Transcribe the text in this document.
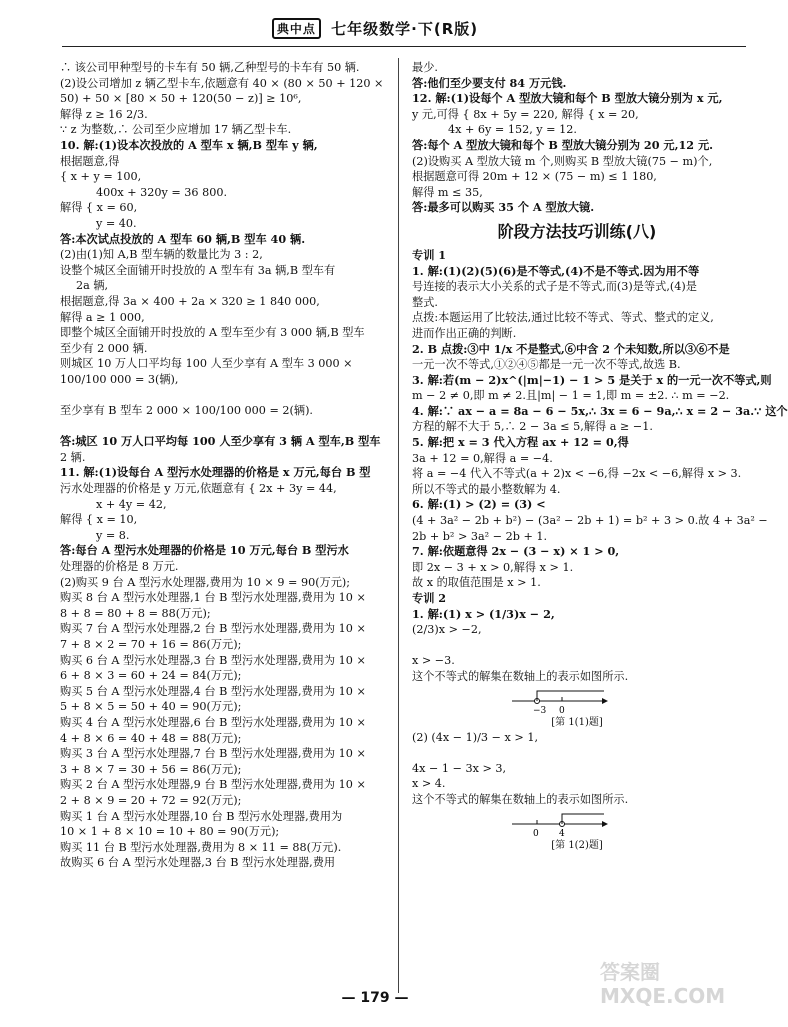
典中点 七年级数学·下(R版)
∴ 该公司甲种型号的卡车有 50 辆,乙种型号的卡车有 50 辆.
(2)设公司增加 z 辆乙型卡车,依题意有 40 × (80 × 50 + 120 ×
50) + 50 × [80 × 50 + 120(50 − z)] ≥ 10⁶,
解得 z ≥ 16 2/3.
∵ z 为整数,∴ 公司至少应增加 17 辆乙型卡车.
10. 解:(1)设本次投放的 A 型车 x 辆,B 型车 y 辆,
根据题意,得
{ x + y = 100,
400x + 320y = 36 800.
解得 { x = 60,
y = 40.
答:本次试点投放的 A 型车 60 辆,B 型车 40 辆.
(2)由(1)知 A,B 型车辆的数量比为 3 : 2,
设整个城区全面铺开时投放的 A 型车有 3a 辆,B 型车有
2a 辆,
根据题意,得 3a × 400 + 2a × 320 ≥ 1 840 000,
解得 a ≥ 1 000,
即整个城区全面铺开时投放的 A 型车至少有 3 000 辆,B 型车
至少有 2 000 辆.
则城区 10 万人口平均每 100 人至少享有 A 型车 3 000 ×
100/100 000 = 3(辆),
至少享有 B 型车 2 000 × 100/100 000 = 2(辆).
答:城区 10 万人口平均每 100 人至少享有 3 辆 A 型车,B 型车
2 辆.
11. 解:(1)设每台 A 型污水处理器的价格是 x 万元,每台 B 型
污水处理器的价格是 y 万元,依题意有 { 2x + 3y = 44,
x + 4y = 42,
解得 { x = 10,
y = 8.
答:每台 A 型污水处理器的价格是 10 万元,每台 B 型污水
处理器的价格是 8 万元.
(2)购买 9 台 A 型污水处理器,费用为 10 × 9 = 90(万元);
购买 8 台 A 型污水处理器,1 台 B 型污水处理器,费用为 10 ×
8 + 8 = 80 + 8 = 88(万元);
购买 7 台 A 型污水处理器,2 台 B 型污水处理器,费用为 10 ×
7 + 8 × 2 = 70 + 16 = 86(万元);
购买 6 台 A 型污水处理器,3 台 B 型污水处理器,费用为 10 ×
6 + 8 × 3 = 60 + 24 = 84(万元);
购买 5 台 A 型污水处理器,4 台 B 型污水处理器,费用为 10 ×
5 + 8 × 5 = 50 + 40 = 90(万元);
购买 4 台 A 型污水处理器,6 台 B 型污水处理器,费用为 10 ×
4 + 8 × 6 = 40 + 48 = 88(万元);
购买 3 台 A 型污水处理器,7 台 B 型污水处理器,费用为 10 ×
3 + 8 × 7 = 30 + 56 = 86(万元);
购买 2 台 A 型污水处理器,9 台 B 型污水处理器,费用为 10 ×
2 + 8 × 9 = 20 + 72 = 92(万元);
购买 1 台 A 型污水处理器,10 台 B 型污水处理器,费用为
10 × 1 + 8 × 10 = 10 + 80 = 90(万元);
购买 11 台 B 型污水处理器,费用为 8 × 11 = 88(万元).
故购买 6 台 A 型污水处理器,3 台 B 型污水处理器,费用
最少.
答:他们至少要支付 84 万元钱.
12. 解:(1)设每个 A 型放大镜和每个 B 型放大镜分别为 x 元,
y 元,可得 { 8x + 5y = 220, 解得 { x = 20,
4x + 6y = 152, y = 12.
答:每个 A 型放大镜和每个 B 型放大镜分别为 20 元,12 元.
(2)设购买 A 型放大镜 m 个,则购买 B 型放大镜(75 − m)个,
根据题意可得 20m + 12 × (75 − m) ≤ 1 180,
解得 m ≤ 35,
答:最多可以购买 35 个 A 型放大镜.
阶段方法技巧训练(八)
专训 1
1. 解:(1)(2)(5)(6)是不等式,(4)不是不等式.因为用不等
号连接的表示大小关系的式子是不等式,而(3)是等式,(4)是
整式.
点拨:本题运用了比较法,通过比较不等式、等式、整式的定义,
进而作出正确的判断.
2. B 点拨:③中 1/x 不是整式,⑥中含 2 个未知数,所以③⑥不是
一元一次不等式,①②④⑤都是一元一次不等式,故选 B.
3. 解:若(m − 2)x^(|m|−1) − 1 > 5 是关于 x 的一元一次不等式,则
m − 2 ≠ 0,即 m ≠ 2.且|m| − 1 = 1,即 m = ±2. ∴ m = −2.
4. 解:∵ ax − a = 8a − 6 − 5x,∴ 3x = 6 − 9a,∴ x = 2 − 3a.∵ 这个
方程的解不大于 5,∴ 2 − 3a ≤ 5,解得 a ≥ −1.
5. 解:把 x = 3 代入方程 ax + 12 = 0,得
3a + 12 = 0,解得 a = −4.
将 a = −4 代入不等式(a + 2)x < −6,得 −2x < −6,解得 x > 3.
所以不等式的最小整数解为 4.
6. 解:(1) > (2) = (3) <
(4 + 3a² − 2b + b²) − (3a² − 2b + 1) = b² + 3 > 0.故 4 + 3a² −
2b + b² > 3a² − 2b + 1.
7. 解:依题意得 2x − (3 − x) × 1 > 0,
即 2x − 3 + x > 0,解得 x > 1.
故 x 的取值范围是 x > 1.
专训 2
1. 解:(1) x > (1/3)x − 2,
(2/3)x > −2,
x > −3.
这个不等式的解集在数轴上的表示如图所示.
−3 0
[第 1(1)题]
(2) (4x − 1)/3 − x > 1,
4x − 1 − 3x > 3,
x > 4.
这个不等式的解集在数轴上的表示如图所示.
0 4
[第 1(2)题]
— 179 —
答案圈
MXQE.COM
